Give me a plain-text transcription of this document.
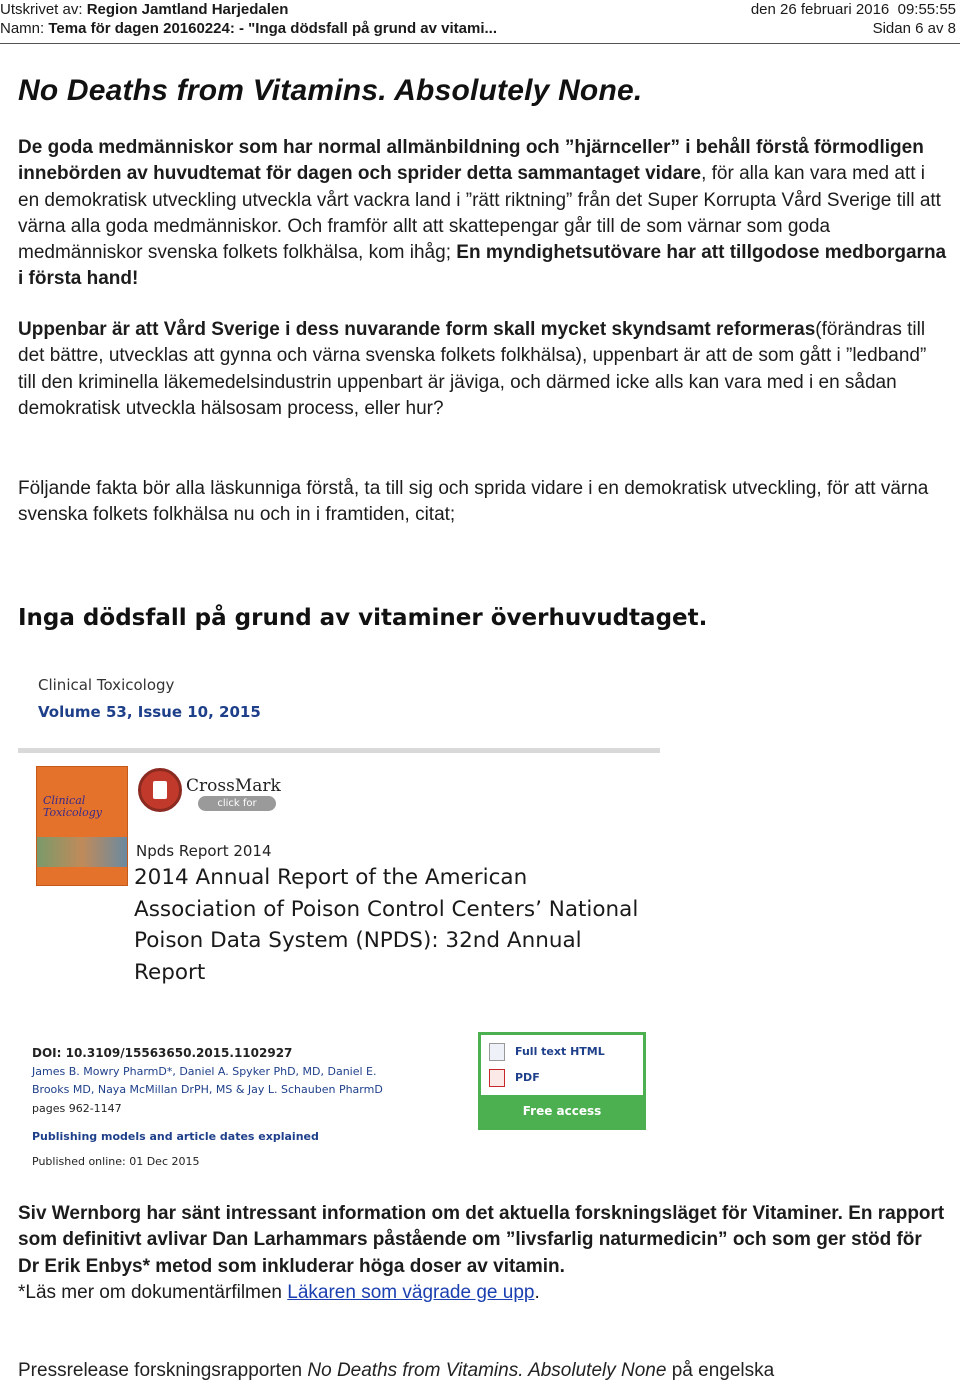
Utskrivet av: Region Jamtland Harjedalen	den 26 februari 2016 09:55:55
Namn: Tema för dagen 20160224: - "Inga dödsfall på grund av vitami...	Sidan 6 av 8
No Deaths from Vitamins. Absolutely None.
De goda medmänniskor som har normal allmänbildning och ”hjärnceller” i behåll förstå förmodligen innebörden av huvudtemat för dagen och sprider detta sammantaget vidare, för alla kan vara med att i en demokratisk utveckling utveckla vårt vackra land i ”rätt riktning” från det Super Korrupta Vård Sverige till att värna alla goda medmänniskor. Och framför allt att skattepengar går till de som värnar som goda medmänniskor svenska folkets folkhälsa, kom ihåg; En myndighetsutövare har att tillgodose medborgarna i första hand!
Uppenbar är att Vård Sverige i dess nuvarande form skall mycket skyndsamt reformeras(förändras till det bättre, utvecklas att gynna och värna svenska folkets folkhälsa), uppenbart är att de som gått i ”ledband” till den kriminella läkemedelsindustrin uppenbart är jäviga, och därmed icke alls kan vara med i en sådan demokratisk utveckla hälsosam process, eller hur?
Följande fakta bör alla läskunniga förstå, ta till sig och sprida vidare i en demokratisk utveckling, för att värna svenska folkets folkhälsa nu och in i framtiden, citat;
Inga dödsfall på grund av vitaminer överhuvudtaget.
Clinical Toxicology
Volume 53, Issue 10, 2015
Clinical Toxicology
CrossMark
click for updates
Npds Report 2014
2014 Annual Report of the American Association of Poison Control Centers’ National Poison Data System (NPDS): 32nd Annual Report
DOI: 10.3109/15563650.2015.1102927
James B. Mowry PharmD*, Daniel A. Spyker PhD, MD, Daniel E.
Brooks MD, Naya McMillan DrPH, MS & Jay L. Schauben PharmD
pages 962-1147
Publishing models and article dates explained
Published online: 01 Dec 2015
Full text HTML
PDF
Free access
Siv Wernborg har sänt intressant information om det aktuella forskningsläget för Vitaminer. En rapport som definitivt avlivar Dan Larhammars påstående om ”livsfarlig naturmedicin” och som ger stöd för Dr Erik Enbys* metod som inkluderar höga doser av vitamin.
*Läs mer om dokumentärfilmen Läkaren som vägrade ge upp.
Pressrelease forskningsrapporten No Deaths from Vitamins. Absolutely None på engelska
